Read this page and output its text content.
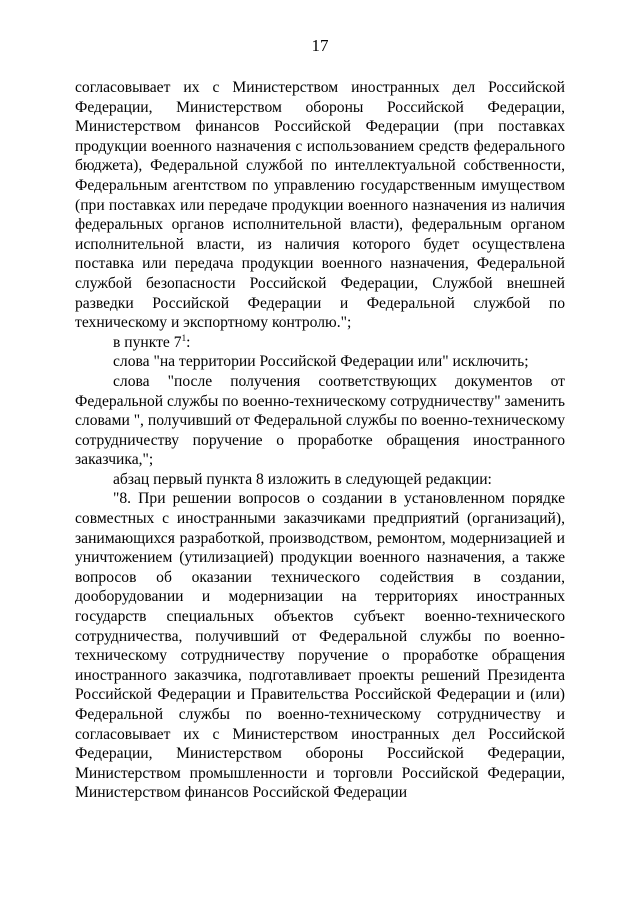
17

согласовывает их с Министерством иностранных дел Российской Федерации, Министерством обороны Российской Федерации, Министерством финансов Российской Федерации (при поставках продукции военного назначения с использованием средств федерального бюджета), Федеральной службой по интеллектуальной собственности, Федеральным агентством по управлению государственным имуществом (при поставках или передаче продукции военного назначения из наличия федеральных органов исполнительной власти), федеральным органом исполнительной власти, из наличия которого будет осуществлена поставка или передача продукции военного назначения, Федеральной службой безопасности Российской Федерации, Службой внешней разведки Российской Федерации и Федеральной службой по техническому и экспортному контролю.";

в пункте $7^1$:

слова "на территории Российской Федерации или" исключить;

слова "после получения соответствующих документов от Федеральной службы по военно-техническому сотрудничеству" заменить словами ", получивший от Федеральной службы по военно-техническому сотрудничеству поручение о проработке обращения иностранного заказчика,";

абзац первый пункта 8 изложить в следующей редакции:

"8. При решении вопросов о создании в установленном порядке совместных с иностранными заказчиками предприятий (организаций), занимающихся разработкой, производством, ремонтом, модернизацией и уничтожением (утилизацией) продукции военного назначения, а также вопросов об оказании технического содействия в создании, дооборудовании и модернизации на территориях иностранных государств специальных объектов субъект военно-технического сотрудничества, получивший от Федеральной службы по военно-техническому сотрудничеству поручение о проработке обращения иностранного заказчика, подготавливает проекты решений Президента Российской Федерации и Правительства Российской Федерации и (или) Федеральной службы по военно-техническому сотрудничеству и согласовывает их с Министерством иностранных дел Российской Федерации, Министерством обороны Российской Федерации, Министерством промышленности и торговли Российской Федерации, Министерством финансов Российской Федерации
